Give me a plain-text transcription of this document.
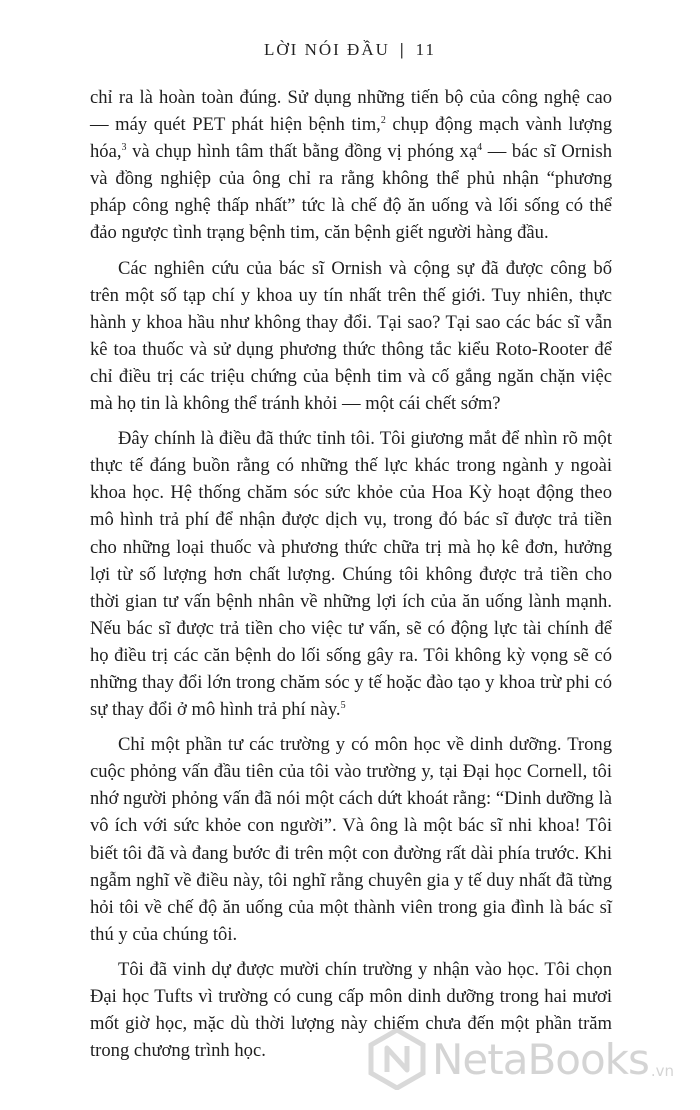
LỜI NÓI ĐẦU | 11

chỉ ra là hoàn toàn đúng. Sử dụng những tiến bộ của công nghệ cao — máy quét PET phát hiện bệnh tim,$^2$ chụp động mạch vành lượng hóa,$^3$ và chụp hình tâm thất bằng đồng vị phóng xạ$^4$ — bác sĩ Ornish và đồng nghiệp của ông chỉ ra rằng không thể phủ nhận “phương pháp công nghệ thấp nhất” tức là chế độ ăn uống và lối sống có thể đảo ngược tình trạng bệnh tim, căn bệnh giết người hàng đầu.

Các nghiên cứu của bác sĩ Ornish và cộng sự đã được công bố trên một số tạp chí y khoa uy tín nhất trên thế giới. Tuy nhiên, thực hành y khoa hầu như không thay đổi. Tại sao? Tại sao các bác sĩ vẫn kê toa thuốc và sử dụng phương thức thông tắc kiểu Roto-Rooter để chỉ điều trị các triệu chứng của bệnh tim và cố gắng ngăn chặn việc mà họ tin là không thể tránh khỏi — một cái chết sớm?

Đây chính là điều đã thức tỉnh tôi. Tôi giương mắt để nhìn rõ một thực tế đáng buồn rằng có những thế lực khác trong ngành y ngoài khoa học. Hệ thống chăm sóc sức khỏe của Hoa Kỳ hoạt động theo mô hình trả phí để nhận được dịch vụ, trong đó bác sĩ được trả tiền cho những loại thuốc và phương thức chữa trị mà họ kê đơn, hưởng lợi từ số lượng hơn chất lượng. Chúng tôi không được trả tiền cho thời gian tư vấn bệnh nhân về những lợi ích của ăn uống lành mạnh. Nếu bác sĩ được trả tiền cho việc tư vấn, sẽ có động lực tài chính để họ điều trị các căn bệnh do lối sống gây ra. Tôi không kỳ vọng sẽ có những thay đổi lớn trong chăm sóc y tế hoặc đào tạo y khoa trừ phi có sự thay đổi ở mô hình trả phí này.$^5$

Chỉ một phần tư các trường y có môn học về dinh dưỡng. Trong cuộc phỏng vấn đầu tiên của tôi vào trường y, tại Đại học Cornell, tôi nhớ người phỏng vấn đã nói một cách dứt khoát rằng: “Dinh dưỡng là vô ích với sức khỏe con người”. Và ông là một bác sĩ nhi khoa! Tôi biết tôi đã và đang bước đi trên một con đường rất dài phía trước. Khi ngẫm nghĩ về điều này, tôi nghĩ rằng chuyên gia y tế duy nhất đã từng hỏi tôi về chế độ ăn uống của một thành viên trong gia đình là bác sĩ thú y của chúng tôi.

Tôi đã vinh dự được mười chín trường y nhận vào học. Tôi chọn Đại học Tufts vì trường có cung cấp môn dinh dưỡng trong hai mươi mốt giờ học, mặc dù thời lượng này chiếm chưa đến một phần trăm trong chương trình học.	NetaBooks .vn
